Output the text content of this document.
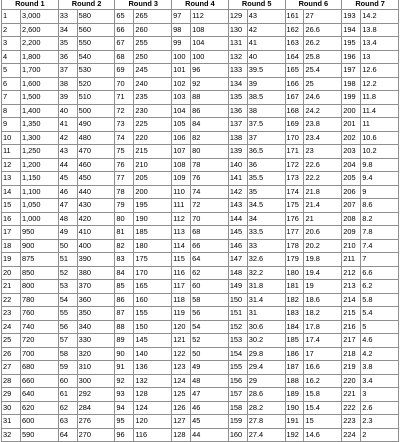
Round 1		Round 2		Round 3		Round 4		Round 5		Round 6		Round 7	
1	3,000	33	580	65	265	97	112	129	43	161	27	193	14.2
2	2,600	34	560	66	260	98	108	130	42	162	26.6	194	13.8
3	2,200	35	550	67	255	99	104	131	41	163	26.2	195	13.4
4	1,800	36	540	68	250	100	100	132	40	164	25.8	196	13
5	1,700	37	530	69	245	101	96	133	39.5	165	25.4	197	12.6
6	1,600	38	520	70	240	102	92	134	39	166	25	198	12.2
7	1,500	39	510	71	235	103	88	135	38.5	167	24.6	199	11.8
8	1,400	40	500	72	230	104	86	136	38	168	24.2	200	11.4
9	1,350	41	490	73	225	105	84	137	37.5	169	23.8	201	11
10	1,300	42	480	74	220	106	82	138	37	170	23.4	202	10.6
11	1,250	43	470	75	215	107	80	139	36.5	171	23	203	10.2
12	1,200	44	460	76	210	108	78	140	36	172	22.6	204	9.8
13	1,150	45	450	77	205	109	76	141	35.5	173	22.2	205	9.4
14	1,100	46	440	78	200	110	74	142	35	174	21.8	206	9
15	1,050	47	430	79	195	111	72	143	34.5	175	21.4	207	8.6
16	1,000	48	420	80	190	112	70	144	34	176	21	208	8.2
17	950	49	410	81	185	113	68	145	33.5	177	20.6	209	7.8
18	900	50	400	82	180	114	66	146	33	178	20.2	210	7.4
19	875	51	390	83	175	115	64	147	32.6	179	19.8	211	7
20	850	52	380	84	170	116	62	148	32.2	180	19.4	212	6.6
21	800	53	370	85	165	117	60	149	31.8	181	19	213	6.2
22	780	54	360	86	160	118	58	150	31.4	182	18.6	214	5.8
23	760	55	350	87	155	119	56	151	31	183	18.2	215	5.4
24	740	56	340	88	150	120	54	152	30.6	184	17.8	216	5
25	720	57	330	89	145	121	52	153	30.2	185	17.4	217	4.6
26	700	58	320	90	140	122	50	154	29.8	186	17	218	4.2
27	680	59	310	91	136	123	49	155	29.4	187	16.6	219	3.8
28	660	60	300	92	132	124	48	156	29	188	16.2	220	3.4
29	640	61	292	93	128	125	47	157	28.6	189	15.8	221	3
30	620	62	284	94	124	126	46	158	28.2	190	15.4	222	2.6
31	600	63	276	95	120	127	45	159	27.8	191	15	223	2.3
32	590	64	270	96	116	128	44	160	27.4	192	14.6	224	2
